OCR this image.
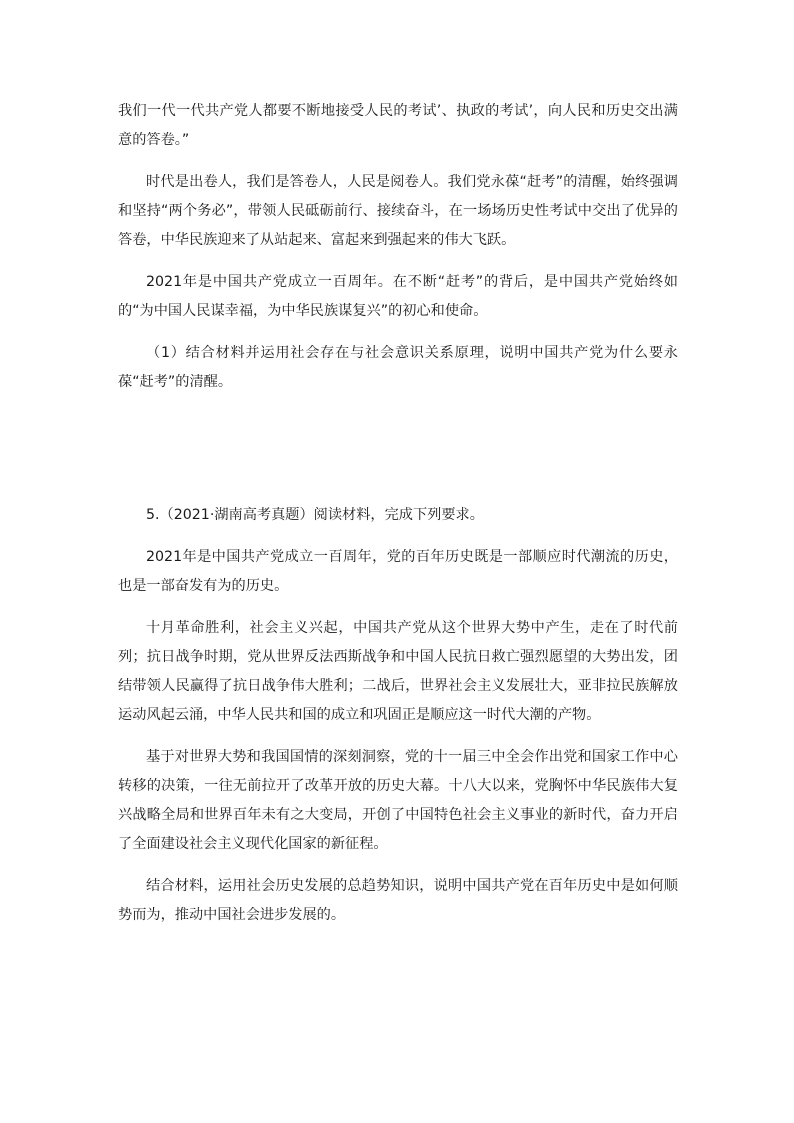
我们一代一代共产党人都要不断地接受人民的考试’、执政的考试’，向人民和历史交出满意的答卷。”

时代是出卷人，我们是答卷人，人民是阅卷人。我们党永葆“赶考”的清醒，始终强调和坚持“两个务必”，带领人民砥砺前行、接续奋斗，在一场场历史性考试中交出了优异的答卷，中华民族迎来了从站起来、富起来到强起来的伟大飞跃。

2021年是中国共产党成立一百周年。在不断“赶考”的背后，是中国共产党始终如的“为中国人民谋幸福，为中华民族谋复兴”的初心和使命。

（1）结合材料并运用社会存在与社会意识关系原理，说明中国共产党为什么要永葆“赶考”的清醒。

5.（2021·湖南高考真题）阅读材料，完成下列要求。

2021年是中国共产党成立一百周年，党的百年历史既是一部顺应时代潮流的历史，也是一部奋发有为的历史。

十月革命胜利，社会主义兴起，中国共产党从这个世界大势中产生，走在了时代前列；抗日战争时期，党从世界反法西斯战争和中国人民抗日救亡强烈愿望的大势出发，团结带领人民赢得了抗日战争伟大胜利；二战后，世界社会主义发展壮大，亚非拉民族解放运动风起云涌，中华人民共和国的成立和巩固正是顺应这一时代大潮的产物。

基于对世界大势和我国国情的深刻洞察，党的十一届三中全会作出党和国家工作中心转移的决策，一往无前拉开了改革开放的历史大幕。十八大以来，党胸怀中华民族伟大复兴战略全局和世界百年未有之大变局，开创了中国特色社会主义事业的新时代，奋力开启了全面建设社会主义现代化国家的新征程。

结合材料，运用社会历史发展的总趋势知识，说明中国共产党在百年历史中是如何顺势而为，推动中国社会进步发展的。
